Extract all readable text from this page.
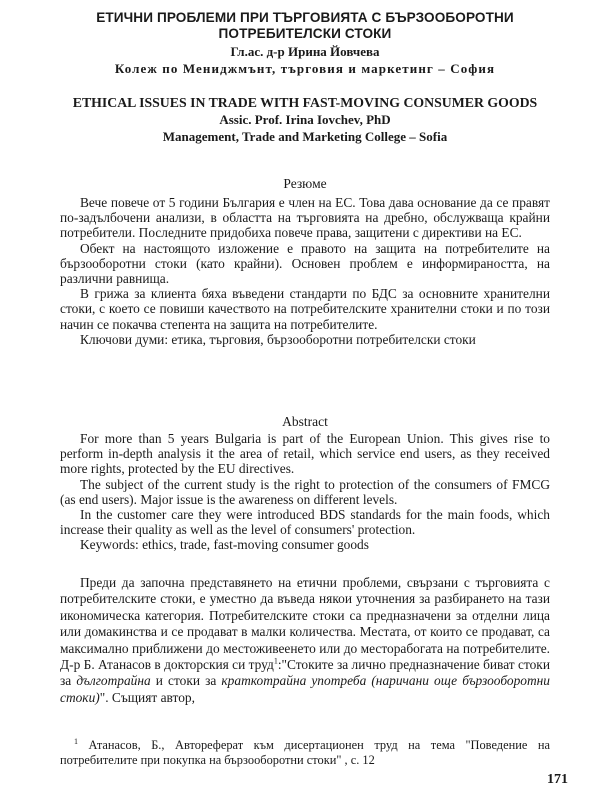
ЕТИЧНИ ПРОБЛЕМИ ПРИ ТЪРГОВИЯТА С БЪРЗООБОРОТНИ
ПОТРЕБИТЕЛСКИ СТОКИ
Гл.ас. д-р Ирина Йовчева
Колеж по Мениджмънт, търговия и маркетинг – София
ETHICAL ISSUES IN TRADE WITH FAST-MOVING CONSUMER GOODS
Assic. Prof. Irina Iovchev, PhD
Management, Trade and Marketing College – Sofia
Резюме

Вече повече от 5 години България е член на ЕС. Това дава основание да се правят по-задълбочени анализи, в областта на търговията на дребно, обслужваща крайни потребители. Последните придобиха повече права, защитени с директиви на ЕС.

Обект на настоящото изложение е правото на защита на потребителите на бързооборотни стоки (като крайни). Основен проблем е информираността, на различни равнища.

В грижа за клиента бяха въведени стандарти по БДС за основните хранителни стоки, с което се повиши качеството на потребителските хранителни стоки и по този начин се покачва степента на защита на потребителите.

Ключови думи: етика, търговия, бързооборотни потребителски стоки

Abstract

For more than 5 years Bulgaria is part of the European Union. This gives rise to perform in-depth analysis it the area of retail, which service end users, as they received more rights, protected by the EU directives.

The subject of the current study is the right to protection of the consumers of FMCG (as end users). Major issue is the awareness on different levels.

In the customer care they were introduced BDS standards for the main foods, which increase their quality as well as the level of consumers' protection.

Keywords: ethics, trade, fast-moving consumer goods

Преди да започна представянето на етични проблеми, свързани с търговията с потребителските стоки, е уместно да въведа някои уточнения за разбирането на тази икономическа категория. Потребителските стоки са предназначени за отделни лица или домакинства и се продават в малки количества. Местата, от които се продават, са максимално приближени до местоживеенето или до месторабогата на потребителите. Д-р Б. Атанасов в докторския си труд$^1$:"Стоките за лично предназначение биват стоки за дълготрайна и стоки за краткотрайна употреба (наричани още бързооборотни стоки)". Същият автор,

$^1$ Атанасов, Б., Автореферат към дисертационен труд на тема "Поведение на потребителите при покупка на бързооборотни стоки" , с. 12
171
